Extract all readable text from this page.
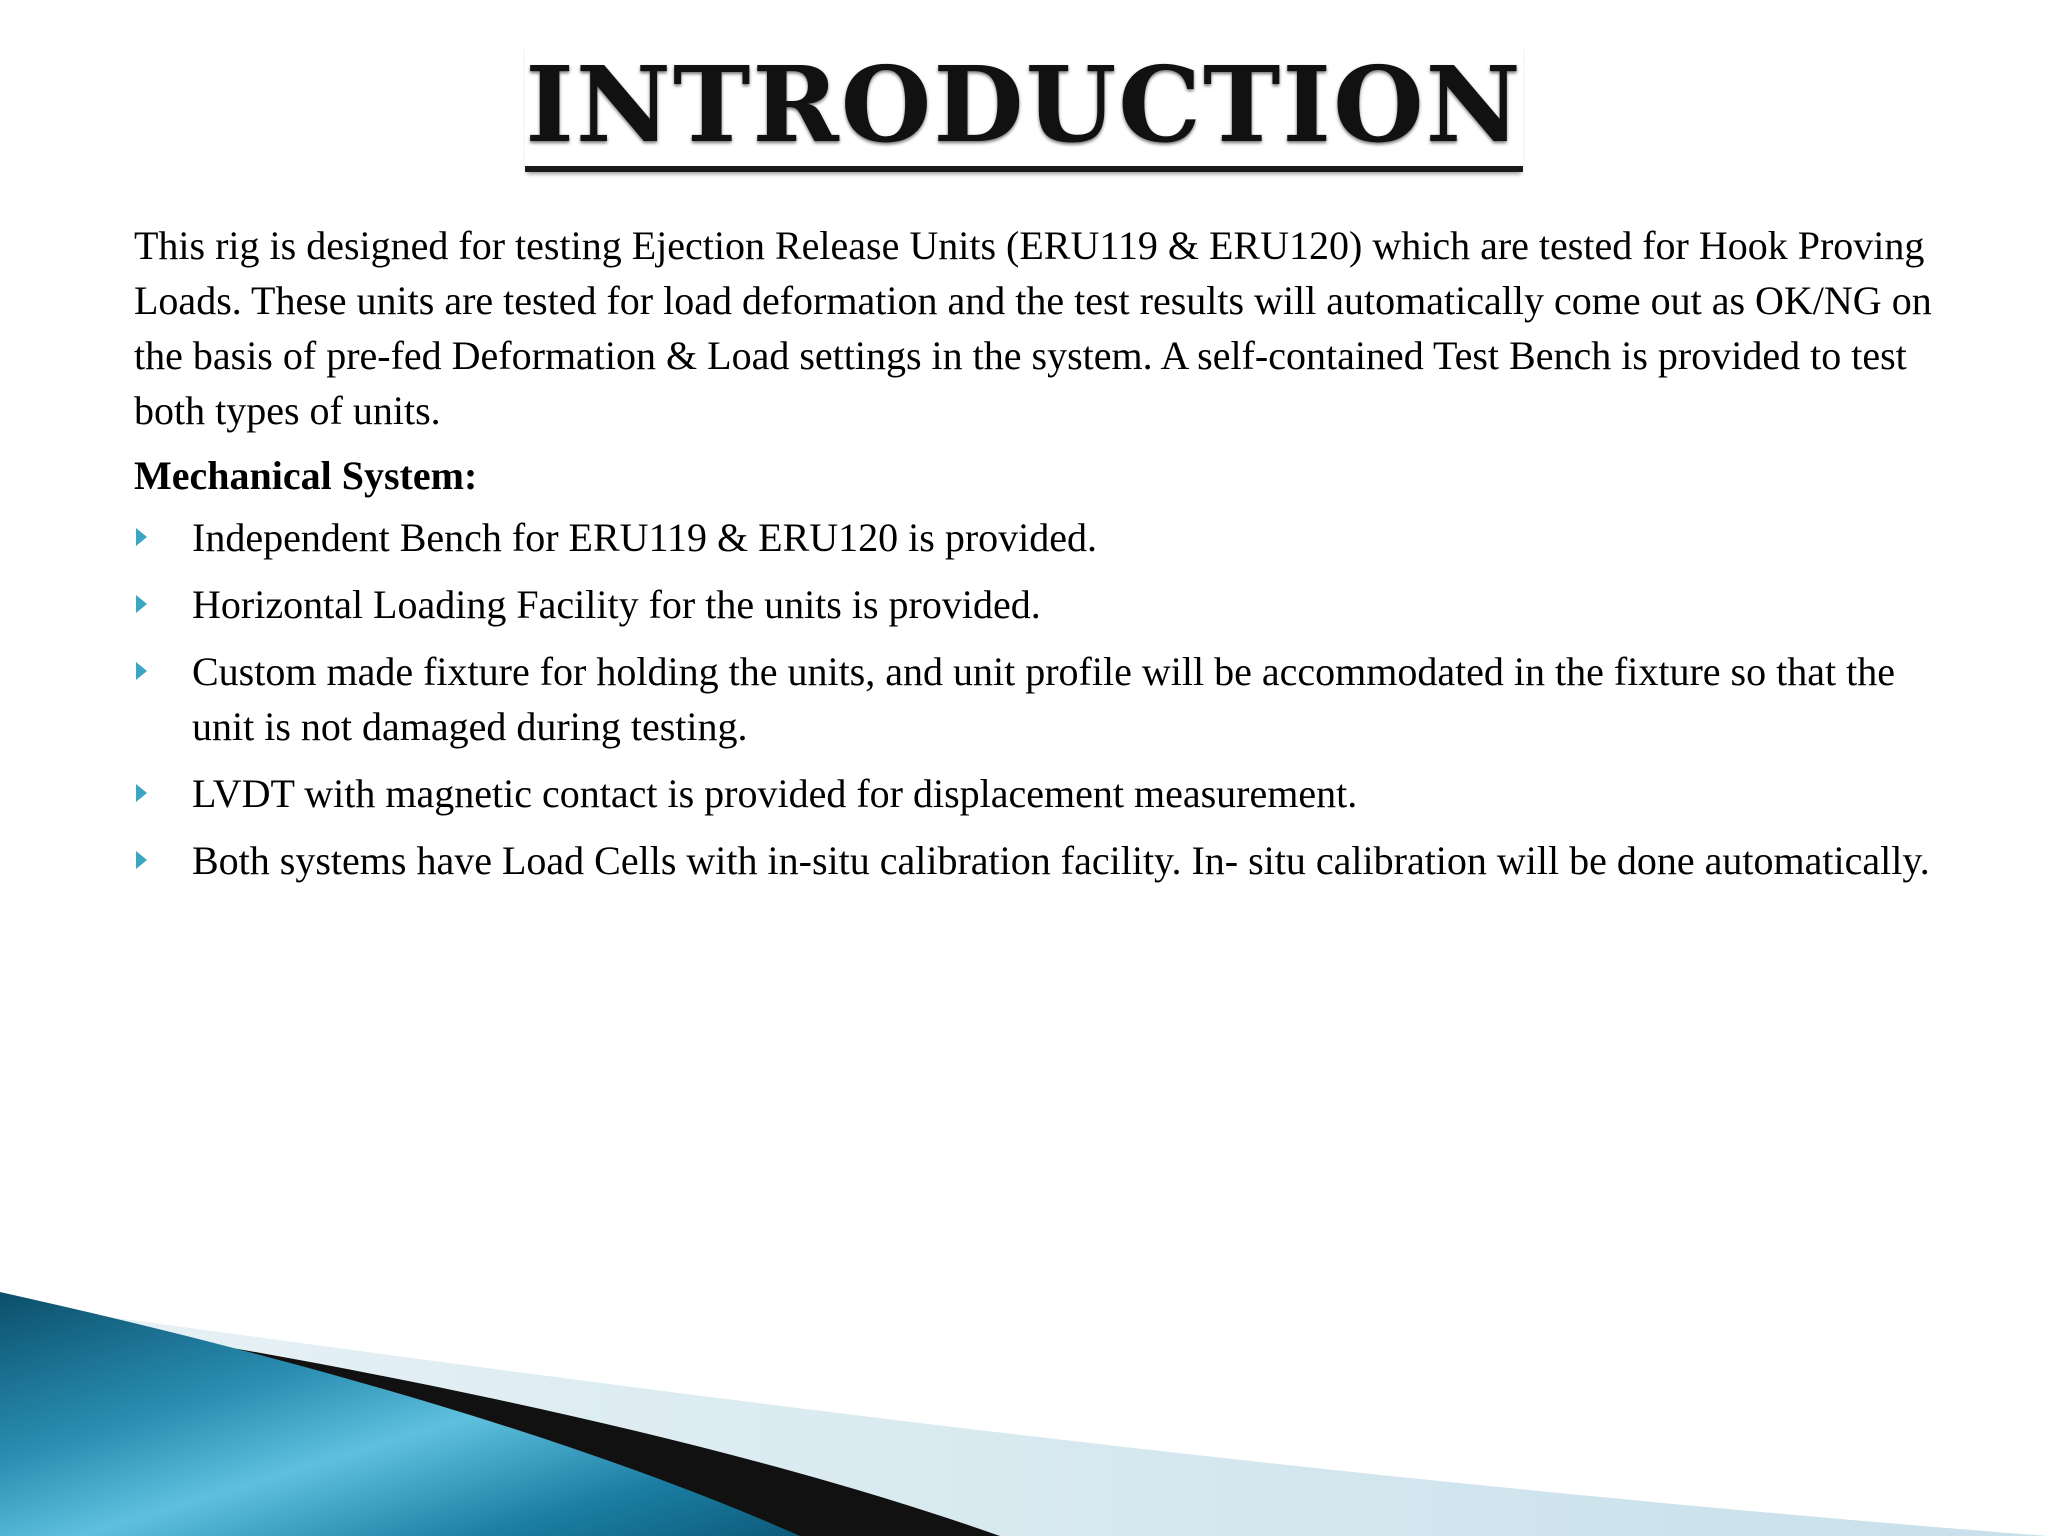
INTRODUCTION

This rig is designed for testing Ejection Release Units (ERU119 & ERU120) which are tested for Hook Proving Loads. These units are tested for load deformation and the test results will automatically come out as OK/NG on the basis of pre-fed Deformation & Load settings in the system. A self-contained Test Bench is provided to test both types of units.

Mechanical System:
Independent Bench for ERU119 & ERU120 is provided.
Horizontal Loading Facility for the units is provided.
Custom made fixture for holding the units, and unit profile will be accommodated in the fixture so that the unit is not damaged during testing.
LVDT with magnetic contact is provided for displacement measurement.
Both systems have Load Cells with in-situ calibration facility. In- situ calibration will be done automatically.
